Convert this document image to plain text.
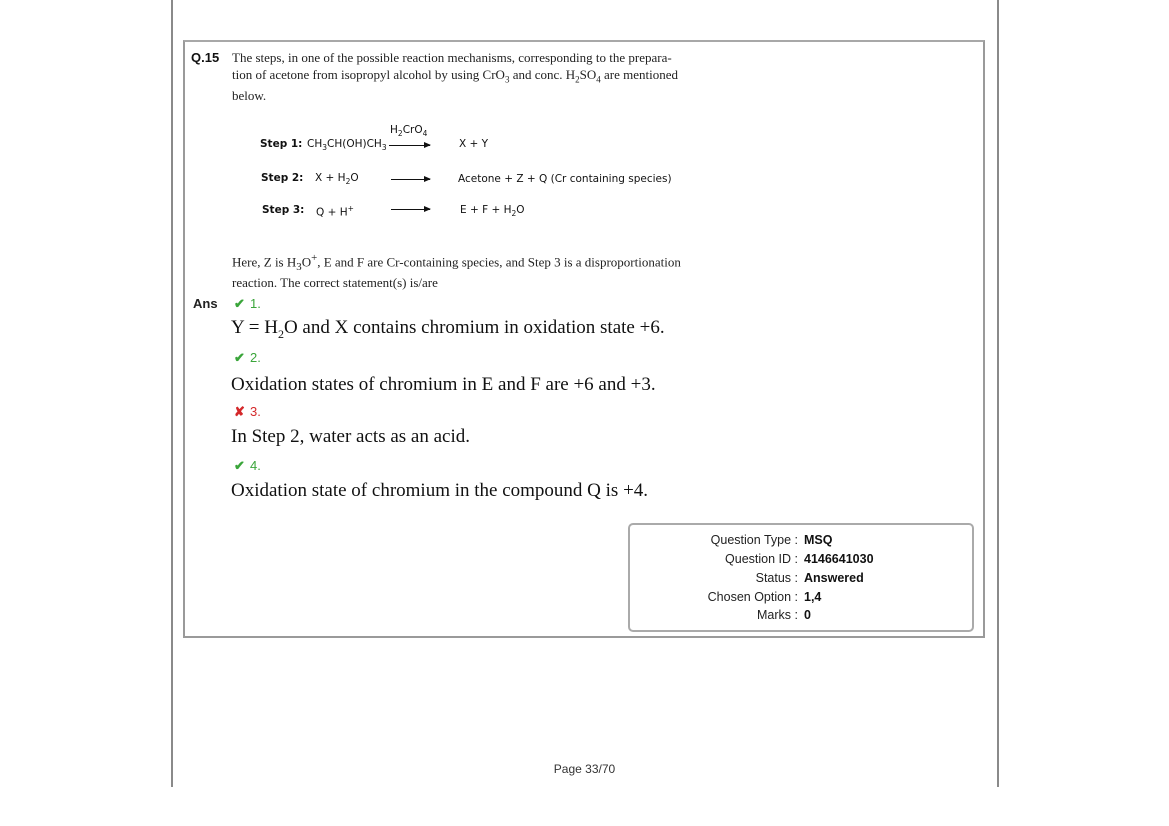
Q.15 The steps, in one of the possible reaction mechanisms, corresponding to the prepara-
tion of acetone from isopropyl alcohol by using CrO$_3$ and conc. $H_2SO_4$ are mentioned
below.
$H_2CrO_4$
Step 1: $CH_3CH(OH)CH_3$	X + Y
Step 2: $X + H_2O$	Acetone + Z + Q (Cr containing species)
Step 3: Q + H+	$E + F + H_2O$
Here, Z is $H_3O^+$, E and F are Cr-containing species, and Step 3 is a disproportionation
reaction. The correct statement(s) is/are
Ans ✔ 1.
$Y = H_2O$ and X contains chromium in oxidation state +6.
✔ 2.
Oxidation states of chromium in E and F are +6 and +3.
✘ 3.
In Step 2, water acts as an acid.
✔ 4.
Oxidation state of chromium in the compound Q is +4.
Question Type : MSQ
Question ID : 4146641030
Status : Answered
Chosen Option : 1,4
Marks : 0
Page 33/70
